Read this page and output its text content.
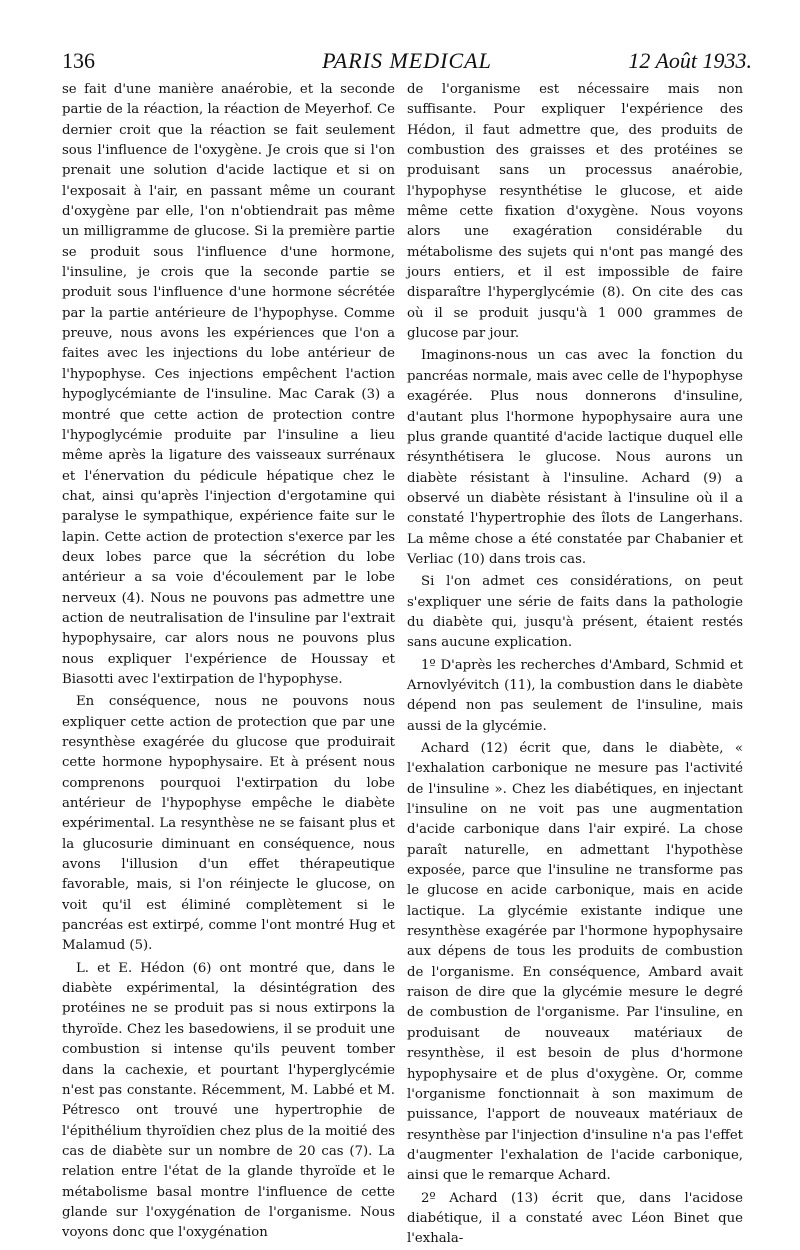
136	PARIS MEDICAL	12 Août 1933.

se fait d'une manière anaérobie, et la seconde partie de la réaction, la réaction de Meyerhof. Ce dernier croit que la réaction se fait seulement sous l'influence de l'oxygène. Je crois que si l'on prenait une solution d'acide lactique et si on l'exposait à l'air, en passant même un courant d'oxygène par elle, l'on n'obtiendrait pas même un milligramme de glucose. Si la première partie se produit sous l'influence d'une hormone, l'insuline, je crois que la seconde partie se produit sous l'influence d'une hormone sécrétée par la partie antérieure de l'hypophyse. Comme preuve, nous avons les expériences que l'on a faites avec les injections du lobe antérieur de l'hypophyse. Ces injections empêchent l'action hypoglycémiante de l'insuline. Mac Carak (3) a montré que cette action de protection contre l'hypoglycémie produite par l'insuline a lieu même après la ligature des vaisseaux surrénaux et l'énervation du pédicule hépatique chez le chat, ainsi qu'après l'injection d'ergotamine qui paralyse le sympathique, expérience faite sur le lapin. Cette action de protection s'exerce par les deux lobes parce que la sécrétion du lobe antérieur a sa voie d'écoulement par le lobe nerveux (4). Nous ne pouvons pas admettre une action de neutralisation de l'insuline par l'extrait hypophysaire, car alors nous ne pouvons plus nous expliquer l'expérience de Houssay et Biasotti avec l'extirpation de l'hypophyse.

En conséquence, nous ne pouvons nous expliquer cette action de protection que par une resynthèse exagérée du glucose que produirait cette hormone hypophysaire. Et à présent nous comprenons pourquoi l'extirpation du lobe antérieur de l'hypophyse empêche le diabète expérimental. La resynthèse ne se faisant plus et la glucosurie diminuant en conséquence, nous avons l'illusion d'un effet thérapeutique favorable, mais, si l'on réinjecte le glucose, on voit qu'il est éliminé complètement si le pancréas est extirpé, comme l'ont montré Hug et Malamud (5).

L. et E. Hédon (6) ont montré que, dans le diabète expérimental, la désintégration des protéines ne se produit pas si nous extirpons la thyroïde. Chez les basedowiens, il se produit une combustion si intense qu'ils peuvent tomber dans la cachexie, et pourtant l'hyperglycémie n'est pas constante. Récemment, M. Labbé et M. Pétresco ont trouvé une hypertrophie de l'épithélium thyroïdien chez plus de la moitié des cas de diabète sur un nombre de 20 cas (7). La relation entre l'état de la glande thyroïde et le métabolisme basal montre l'influence de cette glande sur l'oxygénation de l'organisme. Nous voyons donc que l'oxygénation

de l'organisme est nécessaire mais non suffisante. Pour expliquer l'expérience des Hédon, il faut admettre que, des produits de combustion des graisses et des protéines se produisant sans un processus anaérobie, l'hypophyse resynthétise le glucose, et aide même cette fixation d'oxygène. Nous voyons alors une exagération considérable du métabolisme des sujets qui n'ont pas mangé des jours entiers, et il est impossible de faire disparaître l'hyperglycémie (8). On cite des cas où il se produit jusqu'à 1 000 grammes de glucose par jour.

Imaginons-nous un cas avec la fonction du pancréas normale, mais avec celle de l'hypophyse exagérée. Plus nous donnerons d'insuline, d'autant plus l'hormone hypophysaire aura une plus grande quantité d'acide lactique duquel elle résynthétisera le glucose. Nous aurons un diabète résistant à l'insuline. Achard (9) a observé un diabète résistant à l'insuline où il a constaté l'hypertrophie des îlots de Langerhans. La même chose a été constatée par Chabanier et Verliac (10) dans trois cas.

Si l'on admet ces considérations, on peut s'expliquer une série de faits dans la pathologie du diabète qui, jusqu'à présent, étaient restés sans aucune explication.

1º D'après les recherches d'Ambard, Schmid et Arnovlyévitch (11), la combustion dans le diabète dépend non pas seulement de l'insuline, mais aussi de la glycémie.

Achard (12) écrit que, dans le diabète, « l'exhalation carbonique ne mesure pas l'activité de l'insuline ». Chez les diabétiques, en injectant l'insuline on ne voit pas une augmentation d'acide carbonique dans l'air expiré. La chose paraît naturelle, en admettant l'hypothèse exposée, parce que l'insuline ne transforme pas le glucose en acide carbonique, mais en acide lactique. La glycémie existante indique une resynthèse exagérée par l'hormone hypophysaire aux dépens de tous les produits de combustion de l'organisme. En conséquence, Ambard avait raison de dire que la glycémie mesure le degré de combustion de l'organisme. Par l'insuline, en produisant de nouveaux matériaux de resynthèse, il est besoin de plus d'hormone hypophysaire et de plus d'oxygène. Or, comme l'organisme fonctionnait à son maximum de puissance, l'apport de nouveaux matériaux de resynthèse par l'injection d'insuline n'a pas l'effet d'augmenter l'exhalation de l'acide carbonique, ainsi que le remarque Achard.

2º Achard (13) écrit que, dans l'acidose diabétique, il a constaté avec Léon Binet que l'exhala-
